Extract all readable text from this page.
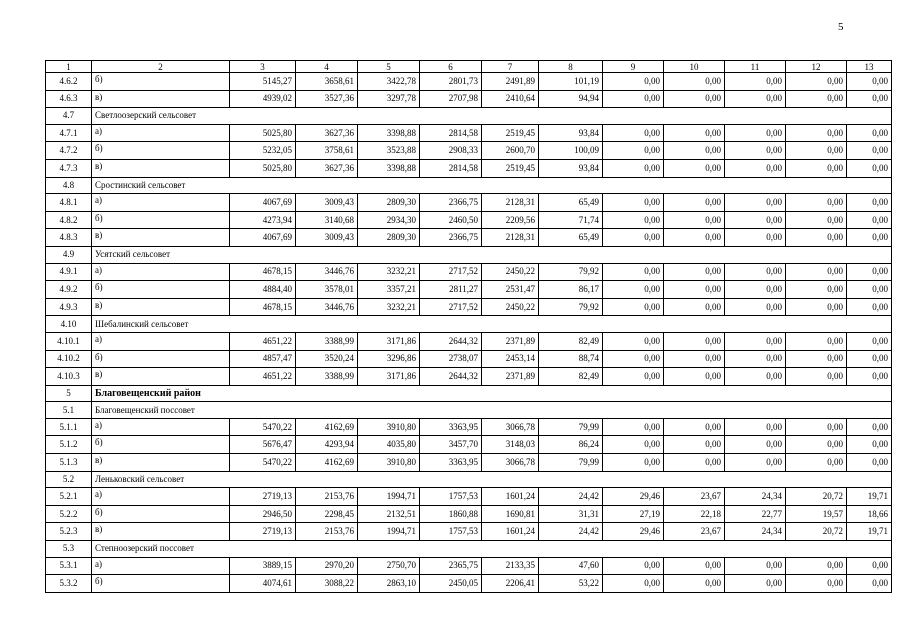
5
1	2	3	4	5	6	7	8	9	10	11	12	13
4.6.2	б)	5145,27	3658,61	3422,78	2801,73	2491,89	101,19	0,00	0,00	0,00	0,00	0,00
4.6.3	в)	4939,02	3527,36	3297,78	2707,98	2410,64	94,94	0,00	0,00	0,00	0,00	0,00
4.7	Светлоозерский сельсовет											
4.7.1	а)	5025,80	3627,36	3398,88	2814,58	2519,45	93,84	0,00	0,00	0,00	0,00	0,00
4.7.2	б)	5232,05	3758,61	3523,88	2908,33	2600,70	100,09	0,00	0,00	0,00	0,00	0,00
4.7.3	в)	5025,80	3627,36	3398,88	2814,58	2519,45	93,84	0,00	0,00	0,00	0,00	0,00
4.8	Сростинский сельсовет											
4.8.1	а)	4067,69	3009,43	2809,30	2366,75	2128,31	65,49	0,00	0,00	0,00	0,00	0,00
4.8.2	б)	4273,94	3140,68	2934,30	2460,50	2209,56	71,74	0,00	0,00	0,00	0,00	0,00
4.8.3	в)	4067,69	3009,43	2809,30	2366,75	2128,31	65,49	0,00	0,00	0,00	0,00	0,00
4.9	Усятский сельсовет											
4.9.1	а)	4678,15	3446,76	3232,21	2717,52	2450,22	79,92	0,00	0,00	0,00	0,00	0,00
4.9.2	б)	4884,40	3578,01	3357,21	2811,27	2531,47	86,17	0,00	0,00	0,00	0,00	0,00
4.9.3	в)	4678,15	3446,76	3232,21	2717,52	2450,22	79,92	0,00	0,00	0,00	0,00	0,00
4.10	Шебалинский сельсовет											
4.10.1	а)	4651,22	3388,99	3171,86	2644,32	2371,89	82,49	0,00	0,00	0,00	0,00	0,00
4.10.2	б)	4857,47	3520,24	3296,86	2738,07	2453,14	88,74	0,00	0,00	0,00	0,00	0,00
4.10.3	в)	4651,22	3388,99	3171,86	2644,32	2371,89	82,49	0,00	0,00	0,00	0,00	0,00
5	Благовещенский район											
5.1	Благовещенский поссовет											
5.1.1	а)	5470,22	4162,69	3910,80	3363,95	3066,78	79,99	0,00	0,00	0,00	0,00	0,00
5.1.2	б)	5676,47	4293,94	4035,80	3457,70	3148,03	86,24	0,00	0,00	0,00	0,00	0,00
5.1.3	в)	5470,22	4162,69	3910,80	3363,95	3066,78	79,99	0,00	0,00	0,00	0,00	0,00
5.2	Леньковский сельсовет											
5.2.1	а)	2719,13	2153,76	1994,71	1757,53	1601,24	24,42	29,46	23,67	24,34	20,72	19,71
5.2.2	б)	2946,50	2298,45	2132,51	1860,88	1690,81	31,31	27,19	22,18	22,77	19,57	18,66
5.2.3	в)	2719,13	2153,76	1994,71	1757,53	1601,24	24,42	29,46	23,67	24,34	20,72	19,71
5.3	Степноозерский поссовет											
5.3.1	а)	3889,15	2970,20	2750,70	2365,75	2133,35	47,60	0,00	0,00	0,00	0,00	0,00
5.3.2	б)	4074,61	3088,22	2863,10	2450,05	2206,41	53,22	0,00	0,00	0,00	0,00	0,00
